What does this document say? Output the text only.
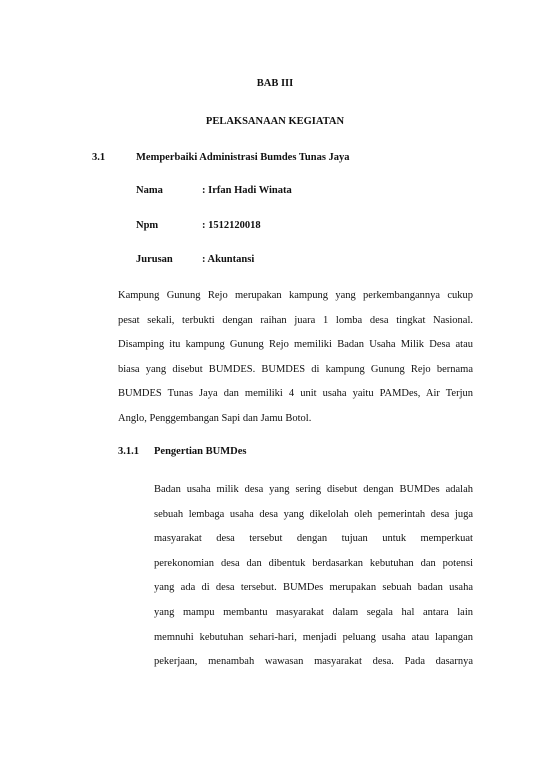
BAB III
PELAKSANAAN KEGIATAN
3.1	Memperbaiki Administrasi Bumdes Tunas Jaya
Nama	: Irfan Hadi Winata
Npm	: 1512120018
Jurusan	: Akuntansi
Kampung Gunung Rejo merupakan kampung yang perkembangannya cukup
pesat sekali, terbukti dengan raihan juara 1 lomba desa tingkat Nasional.
Disamping itu kampung Gunung Rejo memiliki Badan Usaha Milik Desa atau
biasa yang disebut BUMDES. BUMDES di kampung Gunung Rejo bernama
BUMDES Tunas Jaya dan memiliki 4 unit usaha yaitu PAMDes, Air Terjun
Anglo, Penggembangan Sapi dan Jamu Botol.
3.1.1 Pengertian BUMDes
Badan usaha milik desa yang sering disebut dengan BUMDes adalah
sebuah lembaga usaha desa yang dikelolah oleh pemerintah desa juga
masyarakat desa tersebut dengan tujuan untuk memperkuat
perekonomian desa dan dibentuk berdasarkan kebutuhan dan potensi
yang ada di desa tersebut. BUMDes merupakan sebuah badan usaha
yang mampu membantu masyarakat dalam segala hal antara lain
memnuhi kebutuhan sehari-hari, menjadi peluang usaha atau lapangan
pekerjaan, menambah wawasan masyarakat desa. Pada dasarnya
